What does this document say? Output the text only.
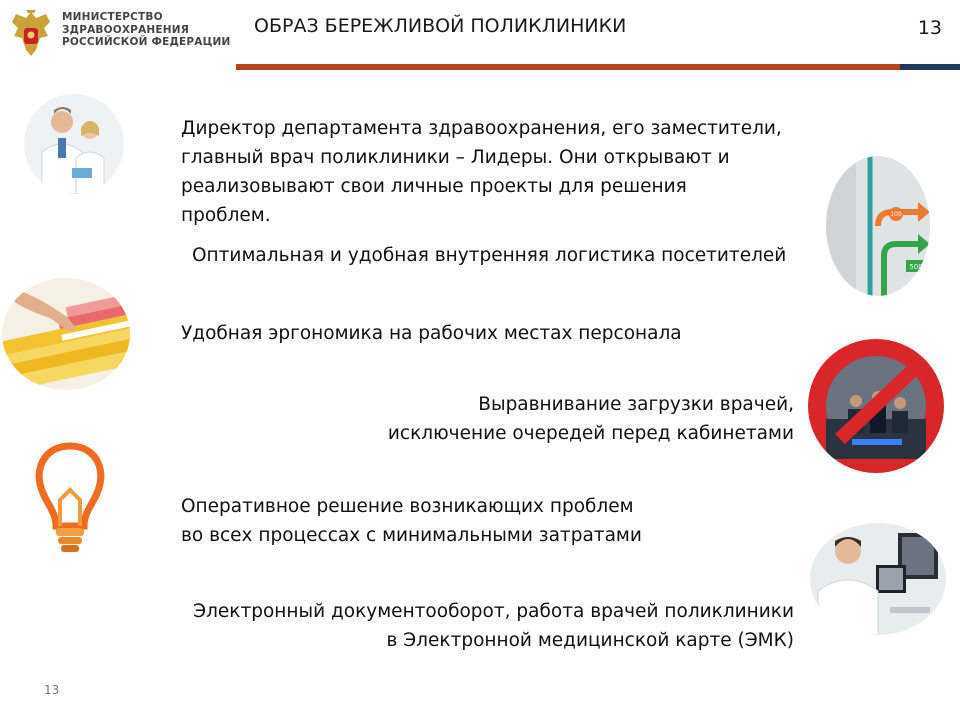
МИНИСТЕРСТВО
ЗДРАВООХРАНЕНИЯ
РОССИЙСКОЙ ФЕДЕРАЦИИ
ОБРАЗ БЕРЕЖЛИВОЙ ПОЛИКЛИНИКИ	13
100
500
Директор департамента здравоохранения, его заместители,
главный врач поликлиники – Лидеры. Они открывают и
реализовывают свои личные проекты для решения
проблем.
Оптимальная и удобная внутренняя логистика посетителей
Удобная эргономика на рабочих местах персонала
Выравнивание загрузки врачей,
исключение очередей перед кабинетами
Оперативное решение возникающих проблем
во всех процессах с минимальными затратами
Электронный документооборот, работа врачей поликлиники
в Электронной медицинской карте (ЭМК)
13
